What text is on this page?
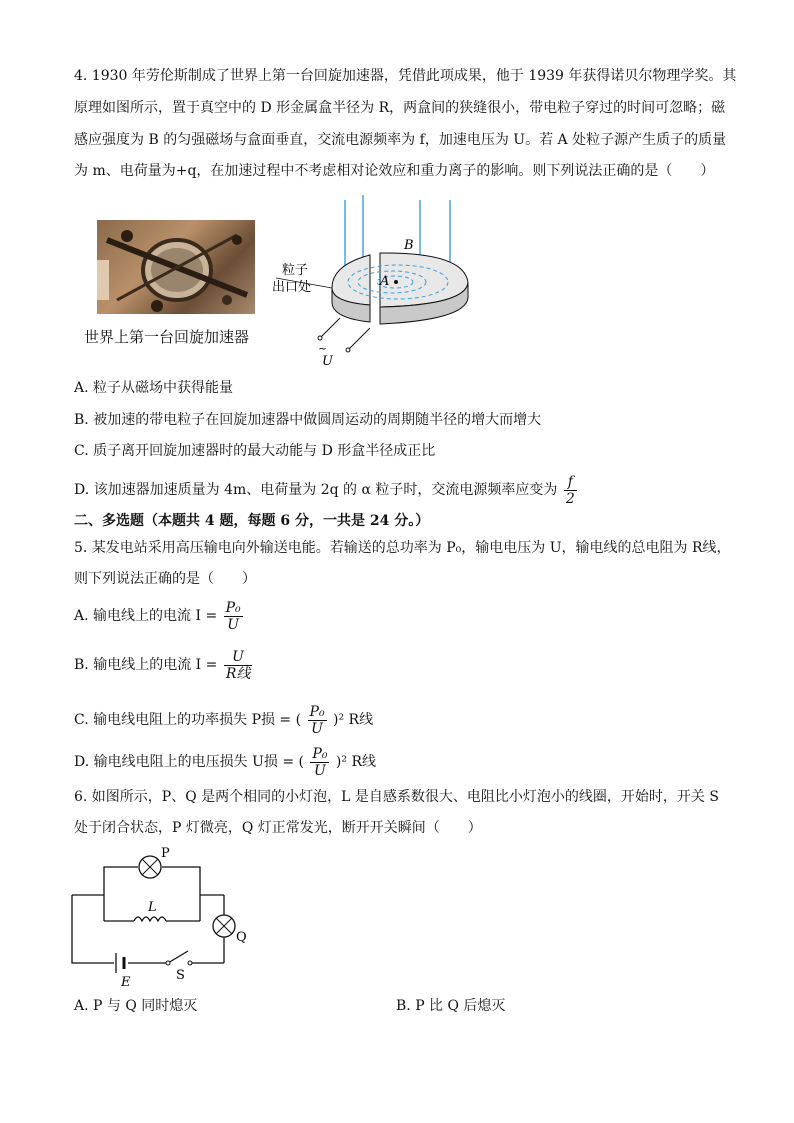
4. 1930 年劳伦斯制成了世界上第一台回旋加速器，凭借此项成果，他于 1939 年获得诺贝尔物理学奖。其
原理如图所示，置于真空中的 D 形金属盒半径为 R，两盒间的狭缝很小，带电粒子穿过的时间可忽略；磁
感应强度为 B 的匀强磁场与盒面垂直，交流电源频率为 f，加速电压为 U。若 A 处粒子源产生质子的质量
为 m、电荷量为+q，在加速过程中不考虑相对论效应和重力离子的影响。则下列说法正确的是（　　）
世界上第一台回旋加速器
B
A
U
~
粒子
出口处
A. 粒子从磁场中获得能量
B. 被加速的带电粒子在回旋加速器中做圆周运动的周期随半径的增大而增大
C. 质子离开回旋加速器时的最大动能与 D 形盒半径成正比
D. 该加速器加速质量为 4m、电荷量为 2q 的 α 粒子时，交流电源频率应变为 $\frac{f}{2}$
二、多选题（本题共 4 题，每题 6 分，一共是 24 分。）
5. 某发电站采用高压输电向外输送电能。若输送的总功率为 P₀，输电电压为 U，输电线的总电阻为 R线，
则下列说法正确的是（　　）
A. 输电线上的电流 $I = \frac{\text{P₀}}{U}$
B. 输电线上的电流 $I = \frac{U}{\text{R线}}$
C. 输电线电阻上的功率损失 P损 = ( $\frac{\text{P₀}}{U} )^2$ R线
D. 输电线电阻上的电压损失 U损 = ( $\frac{\text{P₀}}{U} )^2$ R线
6. 如图所示，P、Q 是两个相同的小灯泡，L 是自感系数很大、电阻比小灯泡小的线圈，开始时，开关 S
处于闭合状态，P 灯微亮，Q 灯正常发光，断开开关瞬间（　　）
P
L
Q
E	S
A. P 与 Q 同时熄灭	B. P 比 Q 后熄灭
